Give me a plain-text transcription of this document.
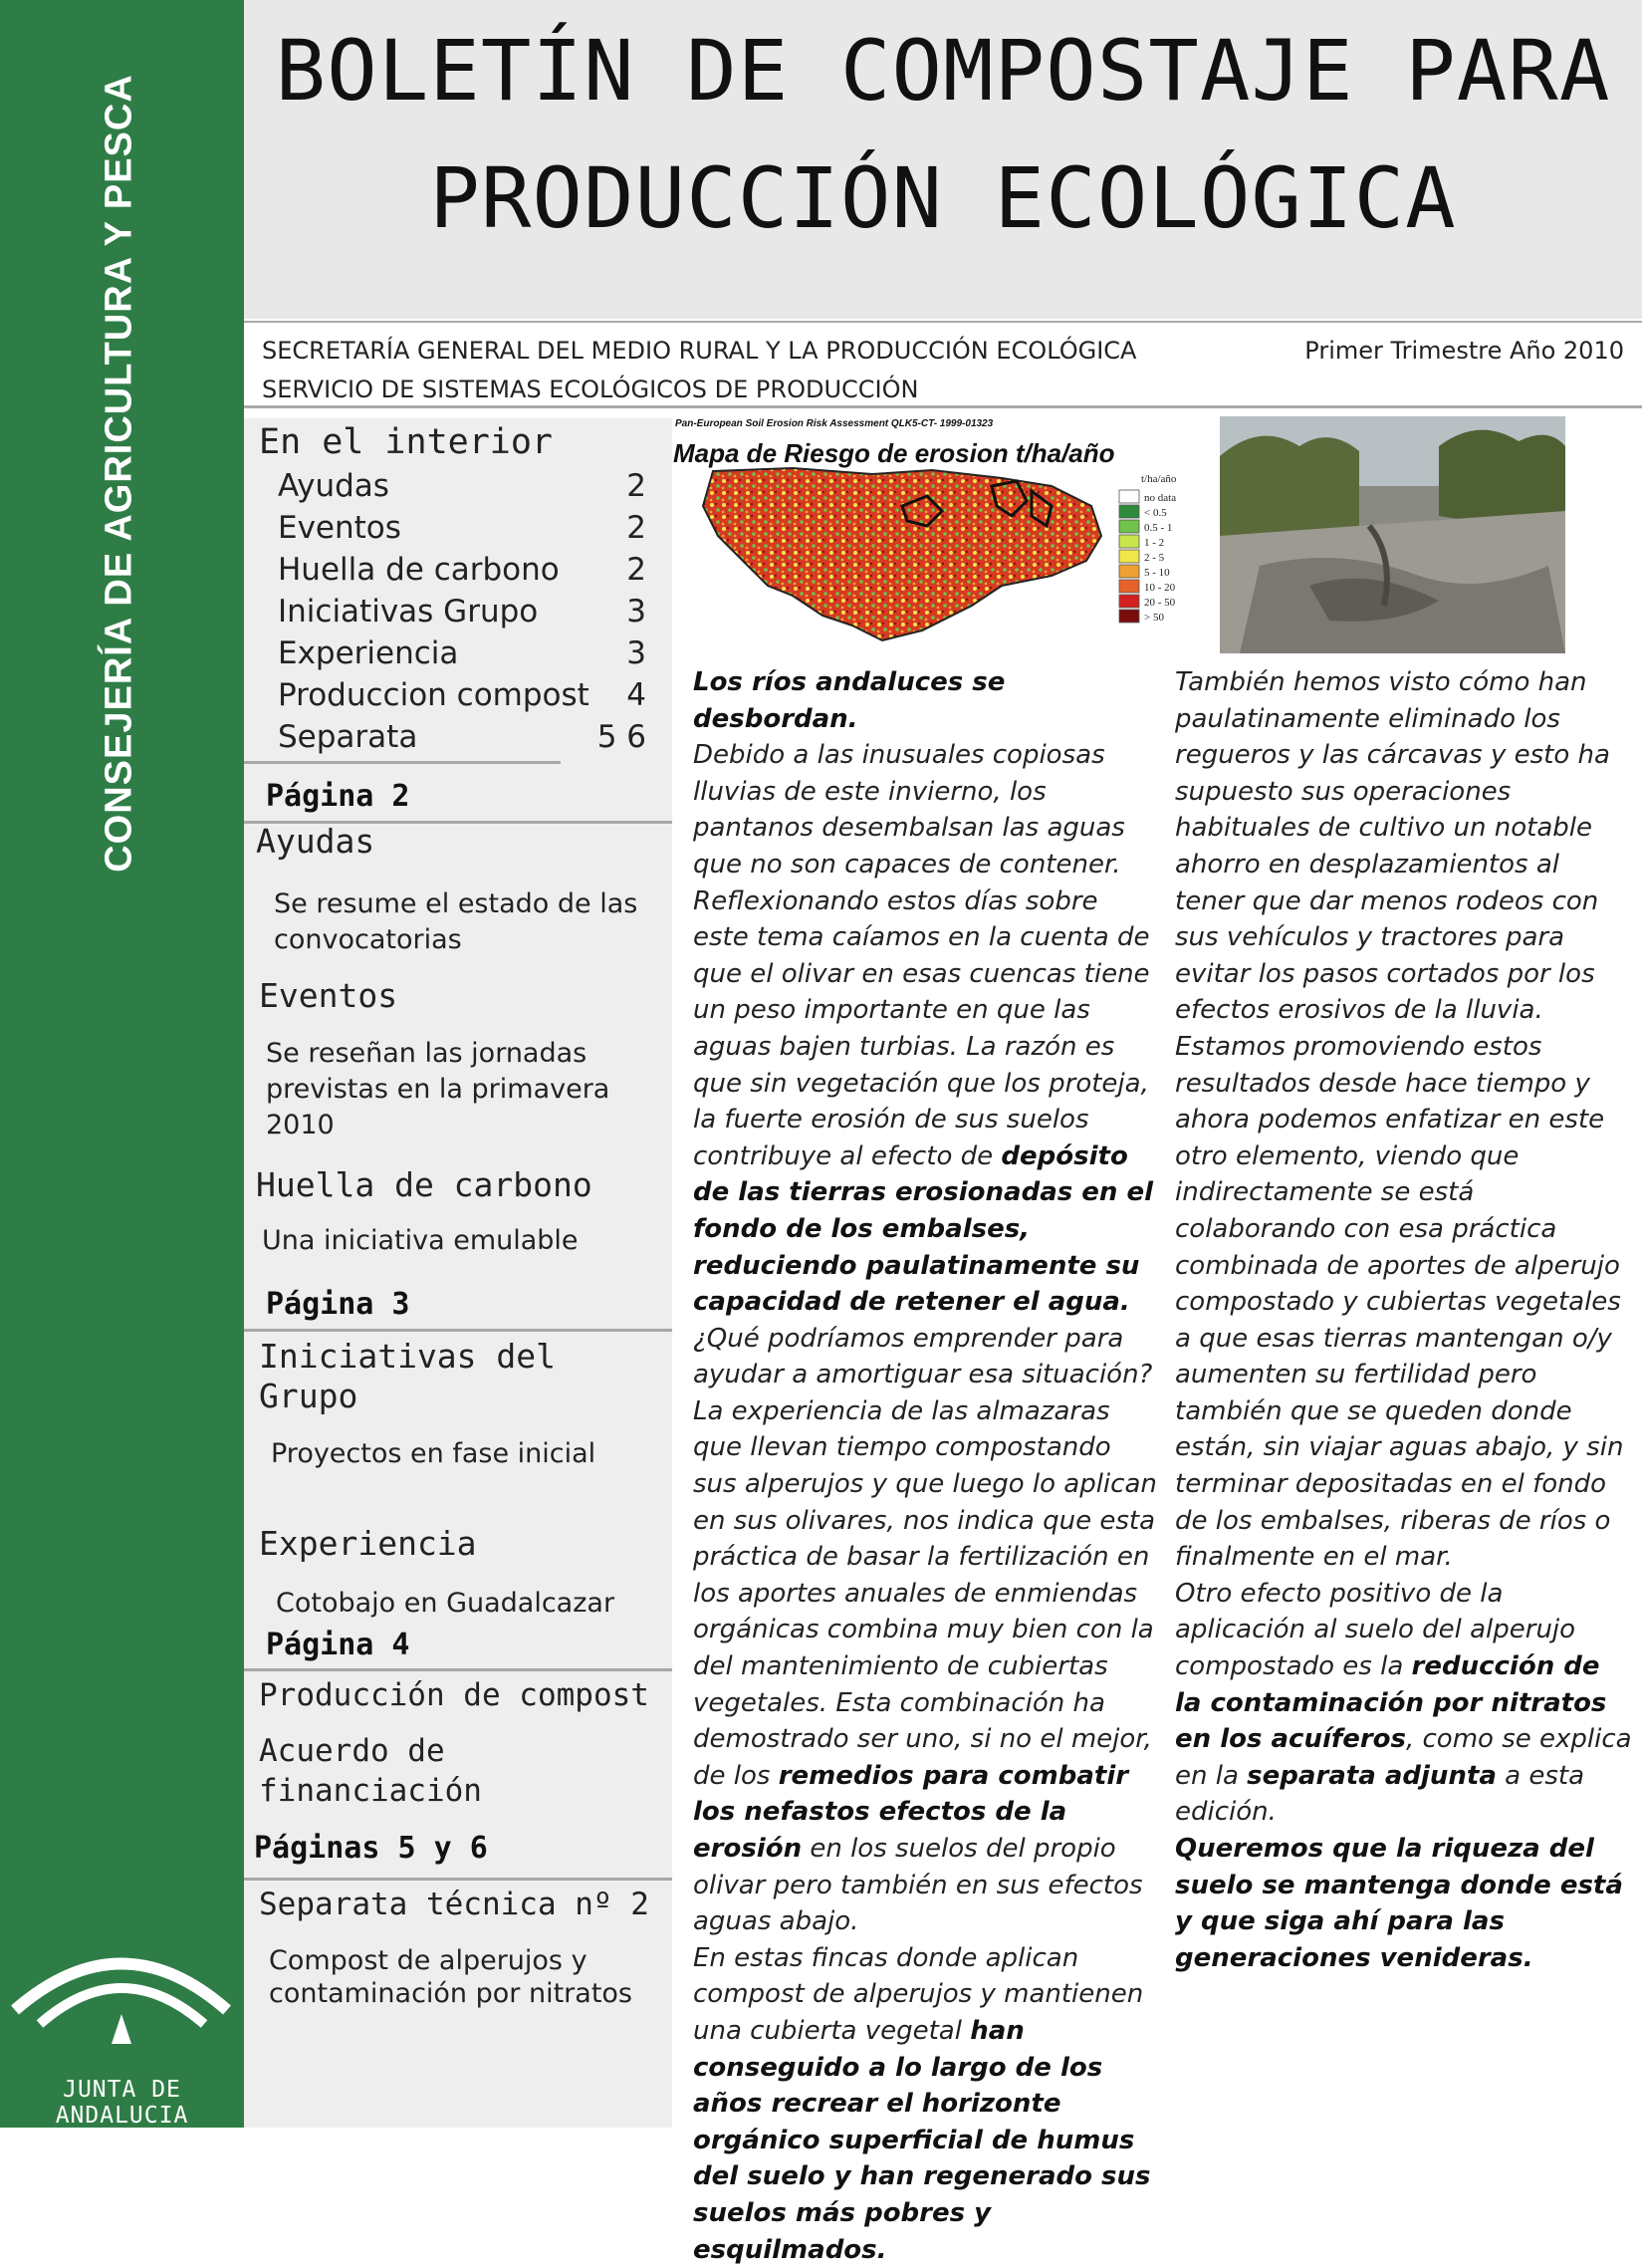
CONSEJERÍA DE AGRICULTURA Y PESCA
JUNTA DE ANDALUCIA
BOLETÍN DE COMPOSTAJE PARA
PRODUCCIÓN ECOLÓGICA
SECRETARÍA GENERAL DEL MEDIO RURAL Y LA PRODUCCIÓN ECOLÓGICA
SERVICIO DE SISTEMAS ECOLÓGICOS DE PRODUCCIÓN
Primer Trimestre Año 2010
En el interior
Ayudas	2
Eventos	2
Huella de carbono 2
Iniciativas Grupo	3
Experiencia	3
Produccion compost 4
Separata	5 6
Página 2
Ayudas
Se resume el estado de las convocatorias
Eventos
Se reseñan las jornadas previstas en la primavera 2010
Huella de carbono
Una iniciativa emulable
Página 3
Iniciativas del Grupo
Proyectos en fase inicial
Experiencia
Cotobajo en Guadalcazar
Página 4
Producción de compost
Acuerdo de financiación
Páginas 5 y 6
Separata técnica nº 2
Compost de alperujos y contaminación por nitratos
Pan-European Soil Erosion Risk Assessment QLK5-CT- 1999-01323
Mapa de Riesgo de erosion t/ha/año
t/ha/año
no data
< 0.5
0.5 - 1
1 - 2
2 - 5
5 - 10
10 - 20
20 - 50
> 50
Los ríos andaluces se desbordan.
Debido a las inusuales copiosas lluvias de este invierno, los pantanos desembalsan las aguas que no son capaces de contener. Reflexionando estos días sobre este tema caíamos en la cuenta de que el olivar en esas cuencas tiene un peso importante en que las aguas bajen turbias. La razón es que sin vegetación que los proteja, la fuerte erosión de sus suelos contribuye al efecto de depósito de las tierras erosionadas en el fondo de los embalses, reduciendo paulatinamente su capacidad de retener el agua.
¿Qué podríamos emprender para ayudar a amortiguar esa situación?
La experiencia de las almazaras que llevan tiempo compostando sus alperujos y que luego lo aplican en sus olivares, nos indica que esta práctica de basar la fertilización en los aportes anuales de enmiendas orgánicas combina muy bien con la del mantenimiento de cubiertas vegetales. Esta combinación ha demostrado ser uno, si no el mejor, de los remedios para combatir los nefastos efectos de la erosión en los suelos del propio olivar pero también en sus efectos aguas abajo.
En estas fincas donde aplican compost de alperujos y mantienen una cubierta vegetal han conseguido a lo largo de los años recrear el horizonte orgánico superficial de humus del suelo y han regenerado sus suelos más pobres y esquilmados.
También hemos visto cómo han paulatinamente eliminado los regueros y las cárcavas y esto ha supuesto sus operaciones habituales de cultivo un notable ahorro en desplazamientos al tener que dar menos rodeos con sus vehículos y tractores para evitar los pasos cortados por los efectos erosivos de la lluvia.
Estamos promoviendo estos resultados desde hace tiempo y ahora podemos enfatizar en este otro elemento, viendo que indirectamente se está colaborando con esa práctica combinada de aportes de alperujo compostado y cubiertas vegetales a que esas tierras mantengan o/y aumenten su fertilidad pero también que se queden donde están, sin viajar aguas abajo, y sin terminar depositadas en el fondo de los embalses, riberas de ríos o finalmente en el mar.
Otro efecto positivo de la aplicación al suelo del alperujo compostado es la reducción de la contaminación por nitratos en los acuíferos, como se explica en la separata adjunta a esta edición.
Queremos que la riqueza del suelo se mantenga donde está y que siga ahí para las generaciones venideras.
